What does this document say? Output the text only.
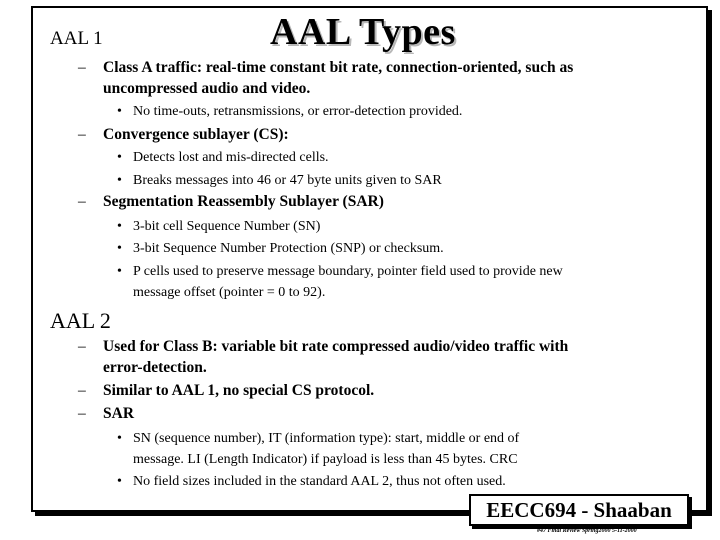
AAL 1	AAL Types
– Class A traffic: real-time constant bit rate, connection-oriented, such as
uncompressed audio and video.
• No time-outs, retransmissions, or error-detection provided.
– Convergence sublayer (CS):
• Detects lost and mis-directed cells.
• Breaks messages into 46 or 47 byte units given to SAR
– Segmentation Reassembly Sublayer (SAR)
• 3-bit cell Sequence Number (SN)
• 3-bit Sequence Number Protection (SNP) or checksum.
• P cells used to preserve message boundary, pointer field used to provide new
message offset (pointer = 0 to 92).
AAL 2
– Used for Class B: variable bit rate compressed audio/video traffic with
error-detection.
– Similar to AAL 1, no special CS protocol.
– SAR
• SN (sequence number), IT (information type): start, middle or end of
message. LI (Length Indicator) if payload is less than 45 bytes. CRC
• No field sizes included in the standard AAL 2, thus not often used.
EECC694 - Shaaban
#47 Final Review Spring2000 5-11-2000
